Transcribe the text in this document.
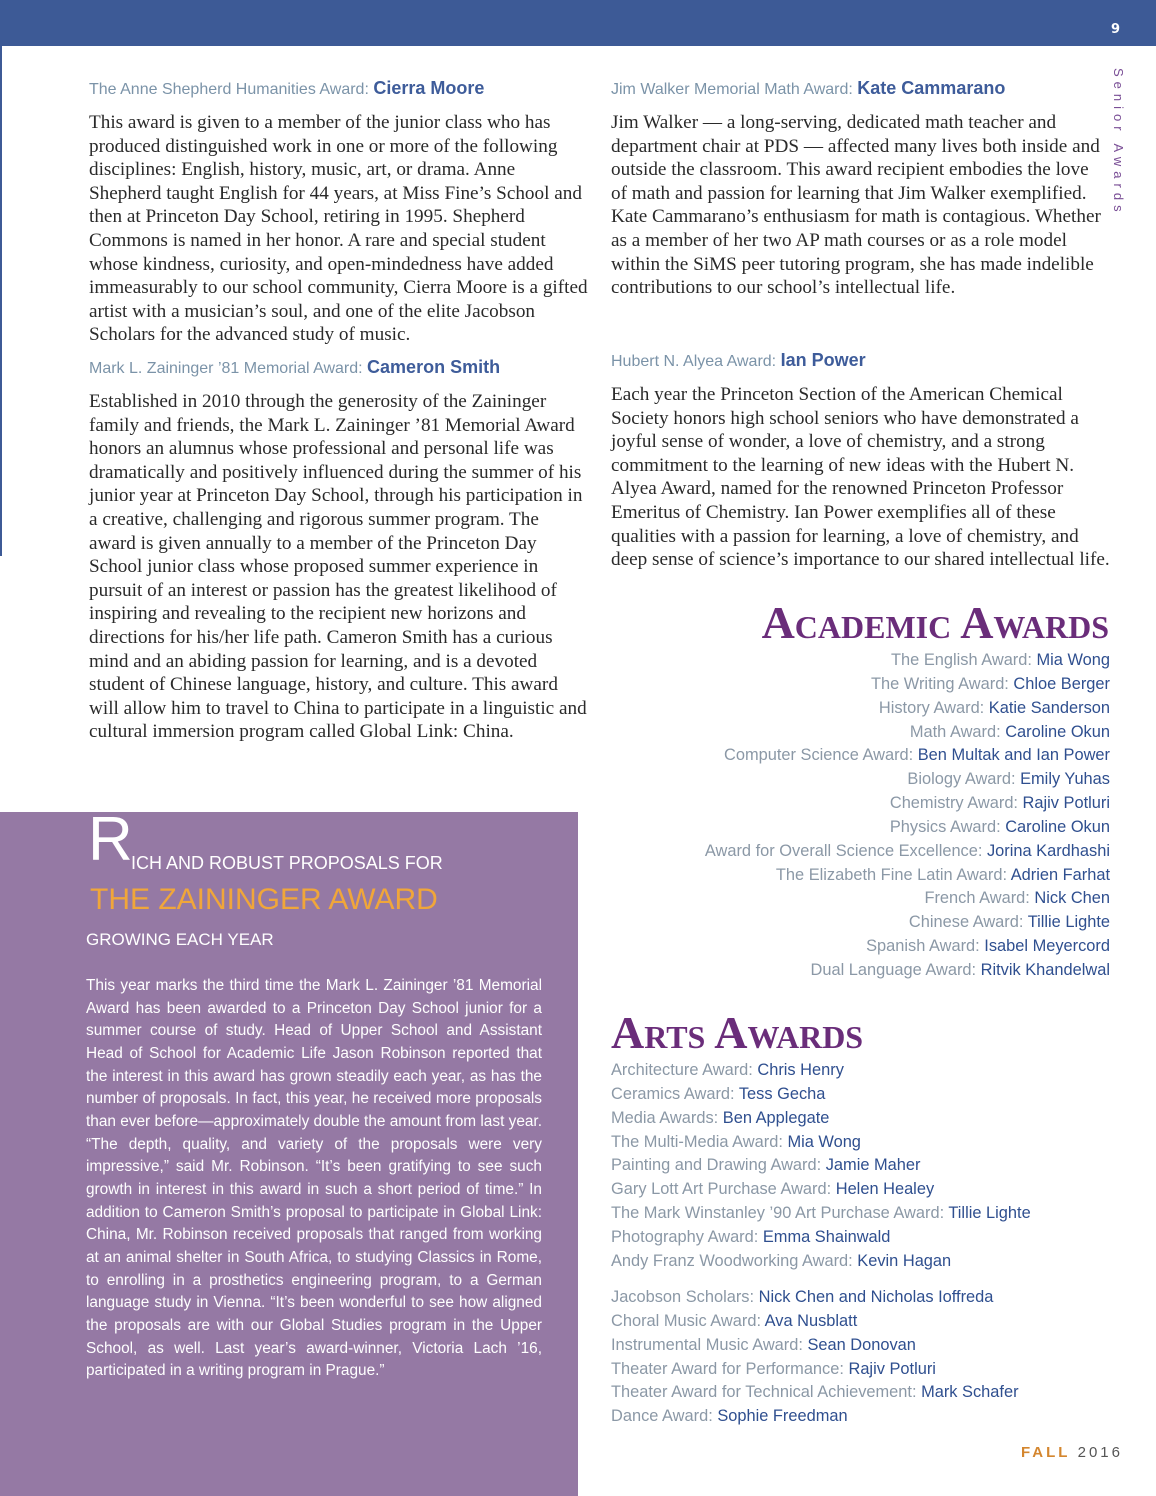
9
Senior Awards
The Anne Shepherd Humanities Award: Cierra Moore

This award is given to a member of the junior class who has produced distinguished work in one or more of the following disciplines: English, history, music, art, or drama. Anne Shepherd taught English for 44 years, at Miss Fine’s School and then at Princeton Day School, retiring in 1995. Shepherd Commons is named in her honor. A rare and special student whose kindness, curiosity, and open-mindedness have added immeasurably to our school community, Cierra Moore is a gifted artist with a musician’s soul, and one of the elite Jacobson Scholars for the advanced study of music.

Mark L. Zaininger ’81 Memorial Award: Cameron Smith

Established in 2010 through the generosity of the Zaininger family and friends, the Mark L. Zaininger ’81 Memorial Award honors an alumnus whose professional and personal life was dramatically and positively influenced during the summer of his junior year at Princeton Day School, through his participation in a creative, challenging and rigorous summer program. The award is given annually to a member of the Princeton Day School junior class whose proposed summer experience in pursuit of an interest or passion has the greatest likelihood of inspiring and revealing to the recipient new horizons and directions for his/her life path. Cameron Smith has a curious mind and an abiding passion for learning, and is a devoted student of Chinese language, history, and culture. This award will allow him to travel to China to participate in a linguistic and cultural immersion program called Global Link: China.

Jim Walker Memorial Math Award: Kate Cammarano

Jim Walker — a long-serving, dedicated math teacher and department chair at PDS — affected many lives both inside and outside the classroom. This award recipient embodies the love of math and passion for learning that Jim Walker exemplified. Kate Cammarano’s enthusiasm for math is contagious. Whether as a member of her two AP math courses or as a role model within the SiMS peer tutoring program, she has made indelible contributions to our school’s intellectual life.

Hubert N. Alyea Award: Ian Power

Each year the Princeton Section of the American Chemical Society honors high school seniors who have demonstrated a joyful sense of wonder, a love of chemistry, and a strong commitment to the learning of new ideas with the Hubert N. Alyea Award, named for the renowned Princeton Professor Emeritus of Chemistry. Ian Power exemplifies all of these qualities with a passion for learning, a love of chemistry, and deep sense of science’s importance to our shared intellectual life.

R
ICH AND ROBUST PROPOSALS FOR
THE ZAININGER AWARD
GROWING EACH YEAR

This year marks the third time the Mark L. Zaininger ’81 Memorial Award has been awarded to a Princeton Day School junior for a summer course of study. Head of Upper School and Assistant Head of School for Academic Life Jason Robinson reported that the interest in this award has grown steadily each year, as has the number of proposals. In fact, this year, he received more proposals than ever before—approximately double the amount from last year. “The depth, quality, and variety of the proposals were very impressive,” said Mr. Robinson. “It’s been gratifying to see such growth in interest in this award in such a short period of time.” In addition to Cameron Smith’s proposal to participate in Global Link: China, Mr. Robinson received proposals that ranged from working at an animal shelter in South Africa, to studying Classics in Rome, to enrolling in a prosthetics engineering program, to a German language study in Vienna. “It’s been wonderful to see how aligned the proposals are with our Global Studies program in the Upper School, as well. Last year’s award-winner, Victoria Lach ’16, participated in a writing program in Prague.”

Academic Awards
The English Award: Mia Wong
The Writing Award: Chloe Berger
History Award: Katie Sanderson
Math Award: Caroline Okun
Computer Science Award: Ben Multak and Ian Power
Biology Award: Emily Yuhas
Chemistry Award: Rajiv Potluri
Physics Award: Caroline Okun
Award for Overall Science Excellence: Jorina Kardhashi
The Elizabeth Fine Latin Award: Adrien Farhat
French Award: Nick Chen
Chinese Award: Tillie Lighte
Spanish Award: Isabel Meyercord
Dual Language Award: Ritvik Khandelwal
Arts Awards
Architecture Award: Chris Henry
Ceramics Award: Tess Gecha
Media Awards: Ben Applegate
The Multi-Media Award: Mia Wong
Painting and Drawing Award: Jamie Maher
Gary Lott Art Purchase Award: Helen Healey
The Mark Winstanley ’90 Art Purchase Award: Tillie Lighte
Photography Award: Emma Shainwald
Andy Franz Woodworking Award: Kevin Hagan
Jacobson Scholars: Nick Chen and Nicholas Ioffreda
Choral Music Award: Ava Nusblatt
Instrumental Music Award: Sean Donovan
Theater Award for Performance: Rajiv Potluri
Theater Award for Technical Achievement: Mark Schafer
Dance Award: Sophie Freedman
FALL 2016
